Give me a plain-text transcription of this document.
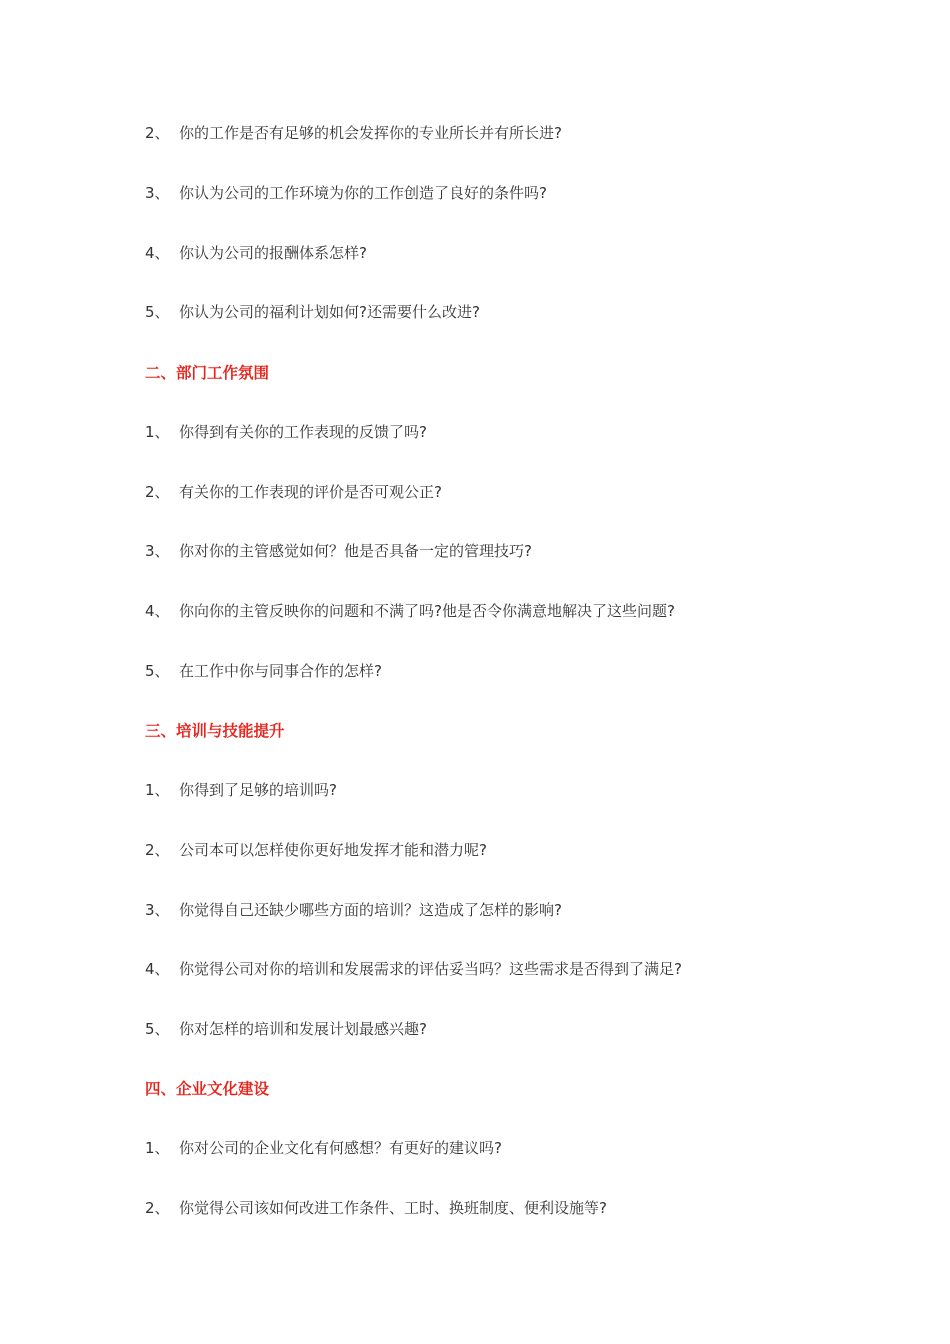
2、 你的工作是否有足够的机会发挥你的专业所长并有所长进?
3、 你认为公司的工作环境为你的工作创造了良好的条件吗?
4、 你认为公司的报酬体系怎样?
5、 你认为公司的福利计划如何?还需要什么改进?
二、部门工作氛围
1、 你得到有关你的工作表现的反馈了吗?
2、 有关你的工作表现的评价是否可观公正?
3、 你对你的主管感觉如何？他是否具备一定的管理技巧?
4、 你向你的主管反映你的问题和不满了吗?他是否令你满意地解决了这些问题?
5、 在工作中你与同事合作的怎样?
三、培训与技能提升
1、 你得到了足够的培训吗?
2、 公司本可以怎样使你更好地发挥才能和潜力呢?
3、 你觉得自己还缺少哪些方面的培训？这造成了怎样的影响?
4、 你觉得公司对你的培训和发展需求的评估妥当吗？这些需求是否得到了满足?
5、 你对怎样的培训和发展计划最感兴趣?
四、企业文化建设
1、 你对公司的企业文化有何感想？有更好的建议吗?
2、 你觉得公司该如何改进工作条件、工时、换班制度、便利设施等?
